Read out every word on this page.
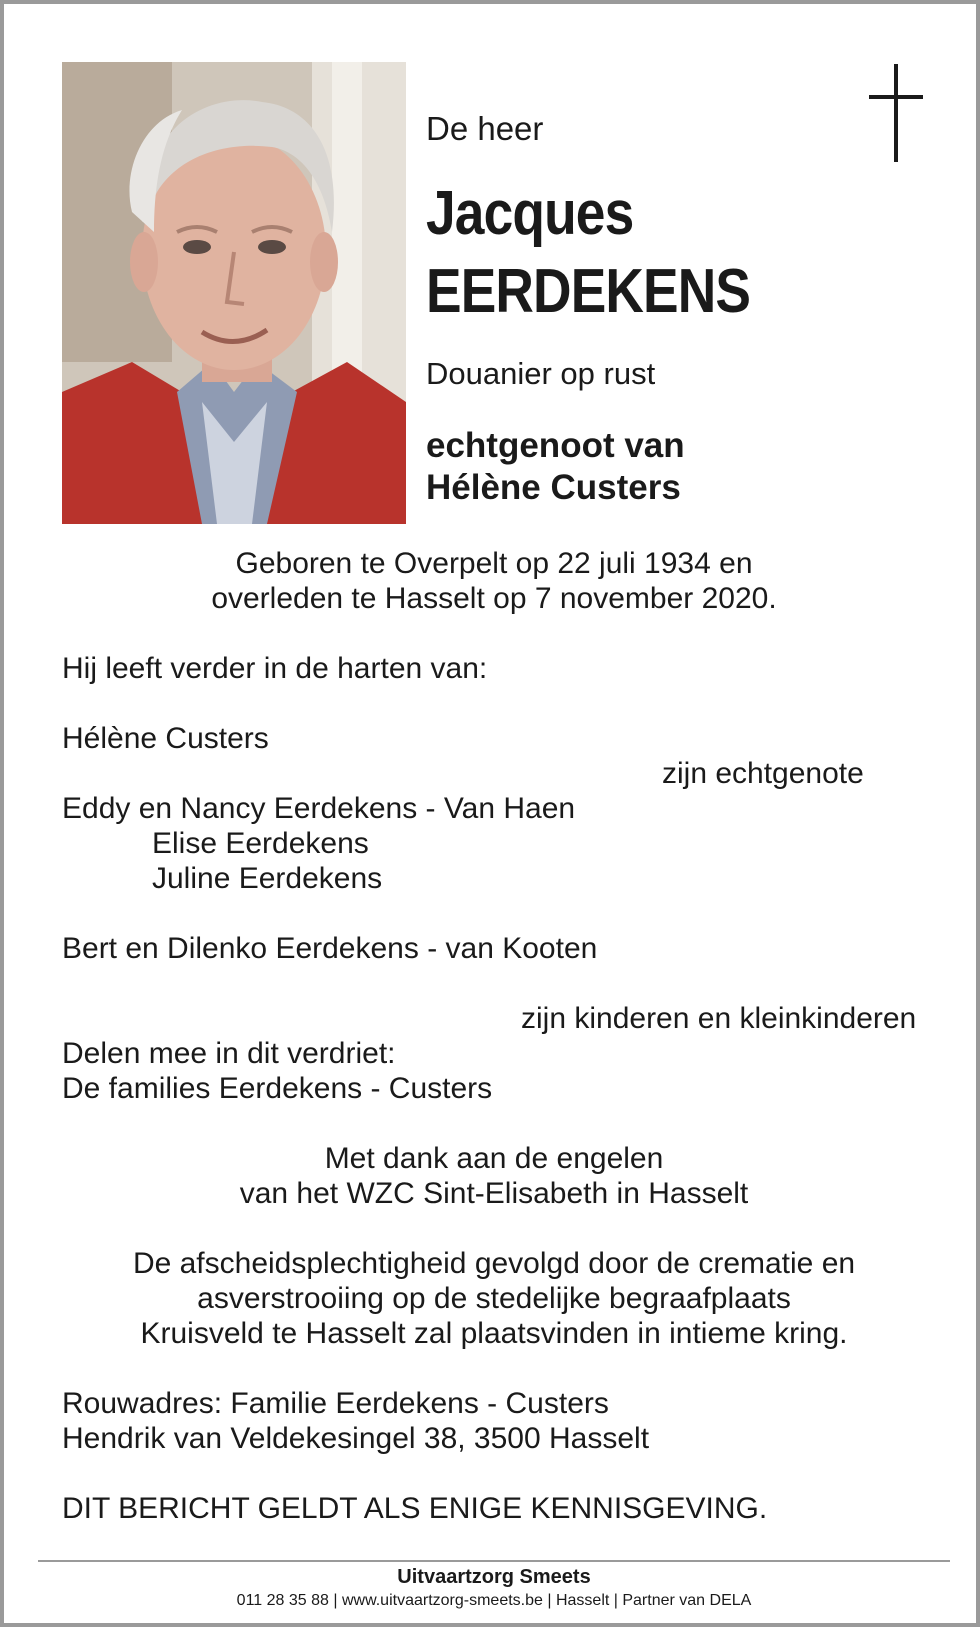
De heer
Jacques
EERDEKENS
Douanier op rust
echtgenoot van
Hélène Custers
Geboren te Overpelt op 22 juli 1934 en
overleden te Hasselt op 7 november 2020.
Hij leeft verder in de harten van:
Hélène Custers
zijn echtgenote
Eddy en Nancy Eerdekens - Van Haen
Elise Eerdekens
Juline Eerdekens
Bert en Dilenko Eerdekens - van Kooten
zijn kinderen en kleinkinderen
Delen mee in dit verdriet:
De families Eerdekens - Custers
Met dank aan de engelen
van het WZC Sint-Elisabeth in Hasselt
De afscheidsplechtigheid gevolgd door de crematie en
asverstrooiing op de stedelijke begraafplaats
Kruisveld te Hasselt zal plaatsvinden in intieme kring.
Rouwadres: Familie Eerdekens - Custers
Hendrik van Veldekesingel 38, 3500 Hasselt
DIT BERICHT GELDT ALS ENIGE KENNISGEVING.
Uitvaartzorg Smeets
011 28 35 88 | www.uitvaartzorg-smeets.be | Hasselt | Partner van DELA
